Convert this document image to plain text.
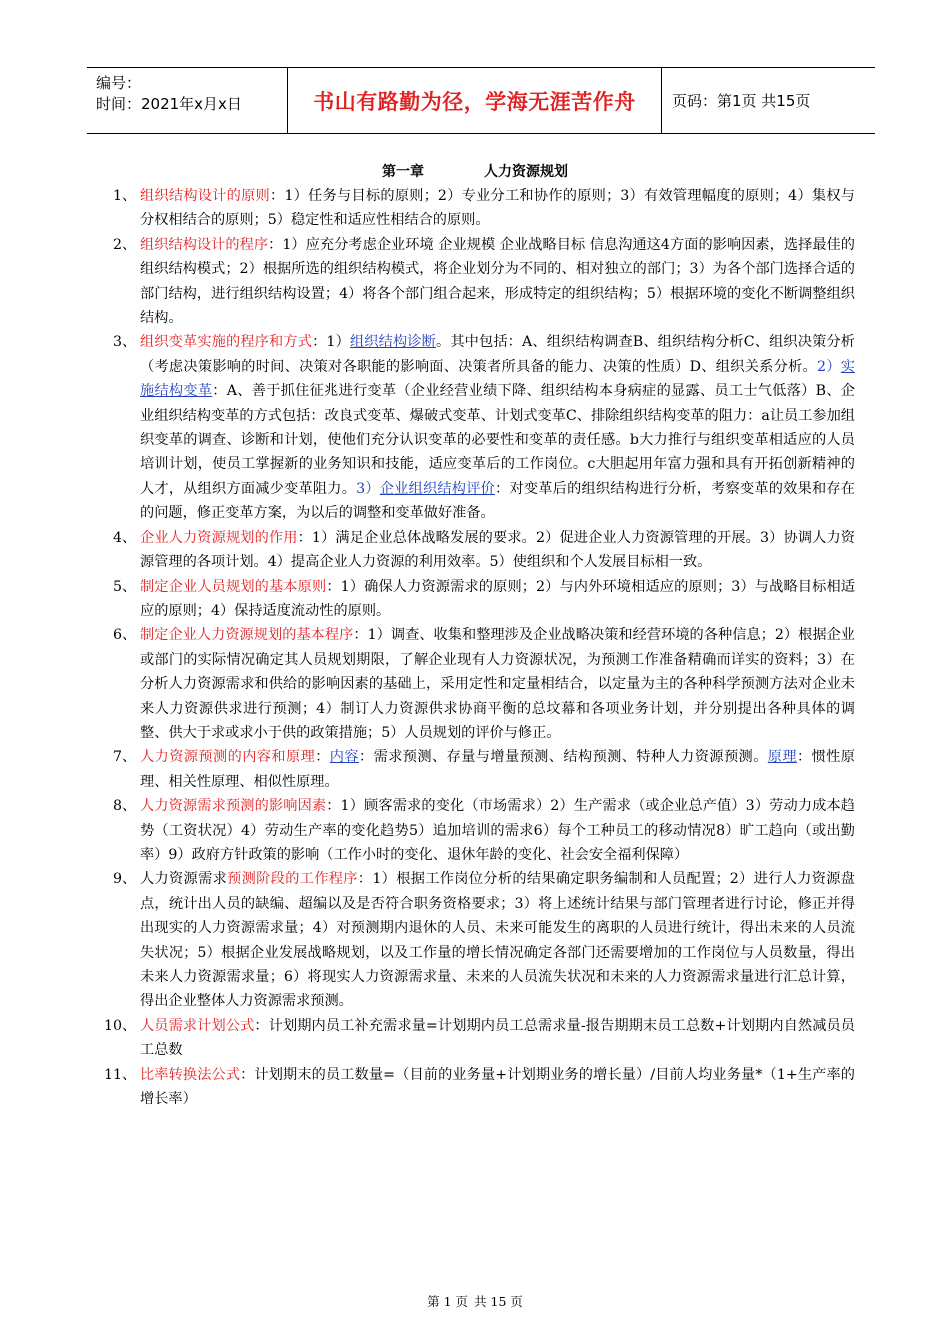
编号：
时间：2021年x月x日	书山有路勤为径，学海无涯苦作舟	页码：第1页 共15页
第一章	人力资源规划
1、 组织结构设计的原则：1）任务与目标的原则；2）专业分工和协作的原则；3）有效管理幅度的原则；4）集权与分权相结合的原则；5）稳定性和适应性相结合的原则。
2、 组织结构设计的程序：1）应充分考虑企业环境 企业规模 企业战略目标 信息沟通这4方面的影响因素，选择最佳的组织结构模式；2）根据所选的组织结构模式，将企业划分为不同的、相对独立的部门；3）为各个部门选择合适的部门结构，进行组织结构设置；4）将各个部门组合起来，形成特定的组织结构；5）根据环境的变化不断调整组织结构。
3、 组织变革实施的程序和方式：1）组织结构诊断。其中包括：A、组织结构调查B、组织结构分析C、组织决策分析（考虑决策影响的时间、决策对各职能的影响面、决策者所具备的能力、决策的性质）D、组织关系分析。2）实施结构变革：A、善于抓住征兆进行变革（企业经营业绩下降、组织结构本身病症的显露、员工士气低落）B、企业组织结构变革的方式包括：改良式变革、爆破式变革、计划式变革C、排除组织结构变革的阻力：a让员工参加组织变革的调查、诊断和计划，使他们充分认识变革的必要性和变革的责任感。b大力推行与组织变革相适应的人员培训计划，使员工掌握新的业务知识和技能，适应变革后的工作岗位。c大胆起用年富力强和具有开拓创新精神的人才，从组织方面减少变革阻力。3）企业组织结构评价：对变革后的组织结构进行分析，考察变革的效果和存在的问题，修正变革方案，为以后的调整和变革做好准备。
4、 企业人力资源规划的作用：1）满足企业总体战略发展的要求。2）促进企业人力资源管理的开展。3）协调人力资源管理的各项计划。4）提高企业人力资源的利用效率。5）使组织和个人发展目标相一致。
5、 制定企业人员规划的基本原则：1）确保人力资源需求的原则；2）与内外环境相适应的原则；3）与战略目标相适应的原则；4）保持适度流动性的原则。
6、 制定企业人力资源规划的基本程序：1）调查、收集和整理涉及企业战略决策和经营环境的各种信息；2）根据企业或部门的实际情况确定其人员规划期限，了解企业现有人力资源状况，为预测工作准备精确而详实的资料；3）在分析人力资源需求和供给的影响因素的基础上，采用定性和定量相结合，以定量为主的各种科学预测方法对企业未来人力资源供求进行预测；4）制订人力资源供求协商平衡的总坟幕和各项业务计划，并分别提出各种具体的调整、供大于求或求小于供的政策措施；5）人员规划的评价与修正。
7、 人力资源预测的内容和原理：内容：需求预测、存量与增量预测、结构预测、特种人力资源预测。原理：惯性原理、相关性原理、相似性原理。
8、 人力资源需求预测的影响因素：1）顾客需求的变化（市场需求）2）生产需求（或企业总产值）3）劳动力成本趋势（工资状况）4）劳动生产率的变化趋势5）追加培训的需求6）每个工种员工的移动情况8）旷工趋向（或出勤率）9）政府方针政策的影响（工作小时的变化、退休年龄的变化、社会安全福利保障）
9、 人力资源需求预测阶段的工作程序：1）根据工作岗位分析的结果确定职务编制和人员配置；2）进行人力资源盘点，统计出人员的缺编、超编以及是否符合职务资格要求；3）将上述统计结果与部门管理者进行讨论，修正并得出现实的人力资源需求量；4）对预测期内退休的人员、未来可能发生的离职的人员进行统计，得出未来的人员流失状况；5）根据企业发展战略规划，以及工作量的增长情况确定各部门还需要增加的工作岗位与人员数量，得出未来人力资源需求量；6）将现实人力资源需求量、未来的人员流失状况和未来的人力资源需求量进行汇总计算，得出企业整体人力资源需求预测。
10、 人员需求计划公式：计划期内员工补充需求量=计划期内员工总需求量-报告期期末员工总数+计划期内自然减员员工总数
11、 比率转换法公式：计划期末的员工数量=（目前的业务量+计划期业务的增长量）/目前人均业务量*（1+生产率的增长率）
第 1 页 共 15 页
